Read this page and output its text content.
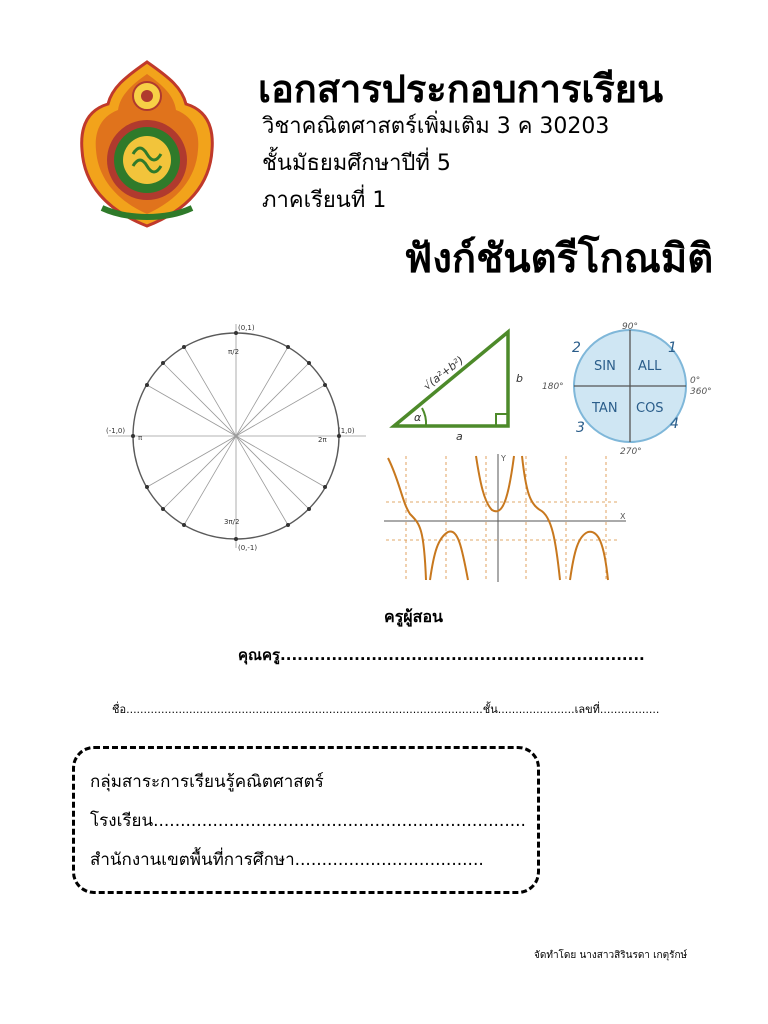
เอกสารประกอบการเรียน
วิชาคณิตศาสตร์เพิ่มเติม 3 ค 30203
ชั้นมัธยมศึกษาปีที่ 5
ภาคเรียนที่ 1
ฟังก์ชันตรีโกณมิติ
(0,1)
(-1,0)	(1,0)
(0,-1)
π/2
π	2π
3π/2
√(a²+b²)	b
a
α
90°
180°
0°
360°
270°
1
2
3	4
ALL
SIN
TAN COS
X
Y
ครูผู้สอน
คุณครู................................................................
ชื่อ......................................................................................................ชั้น......................เลขที่.................
กลุ่มสาระการเรียนรู้คณิตศาสตร์
โรงเรียน.....................................................................
สำนักงานเขตพื้นที่การศึกษา...................................
จัดทำโดย นางสาวสิรินรดา เกตุรักษ์
